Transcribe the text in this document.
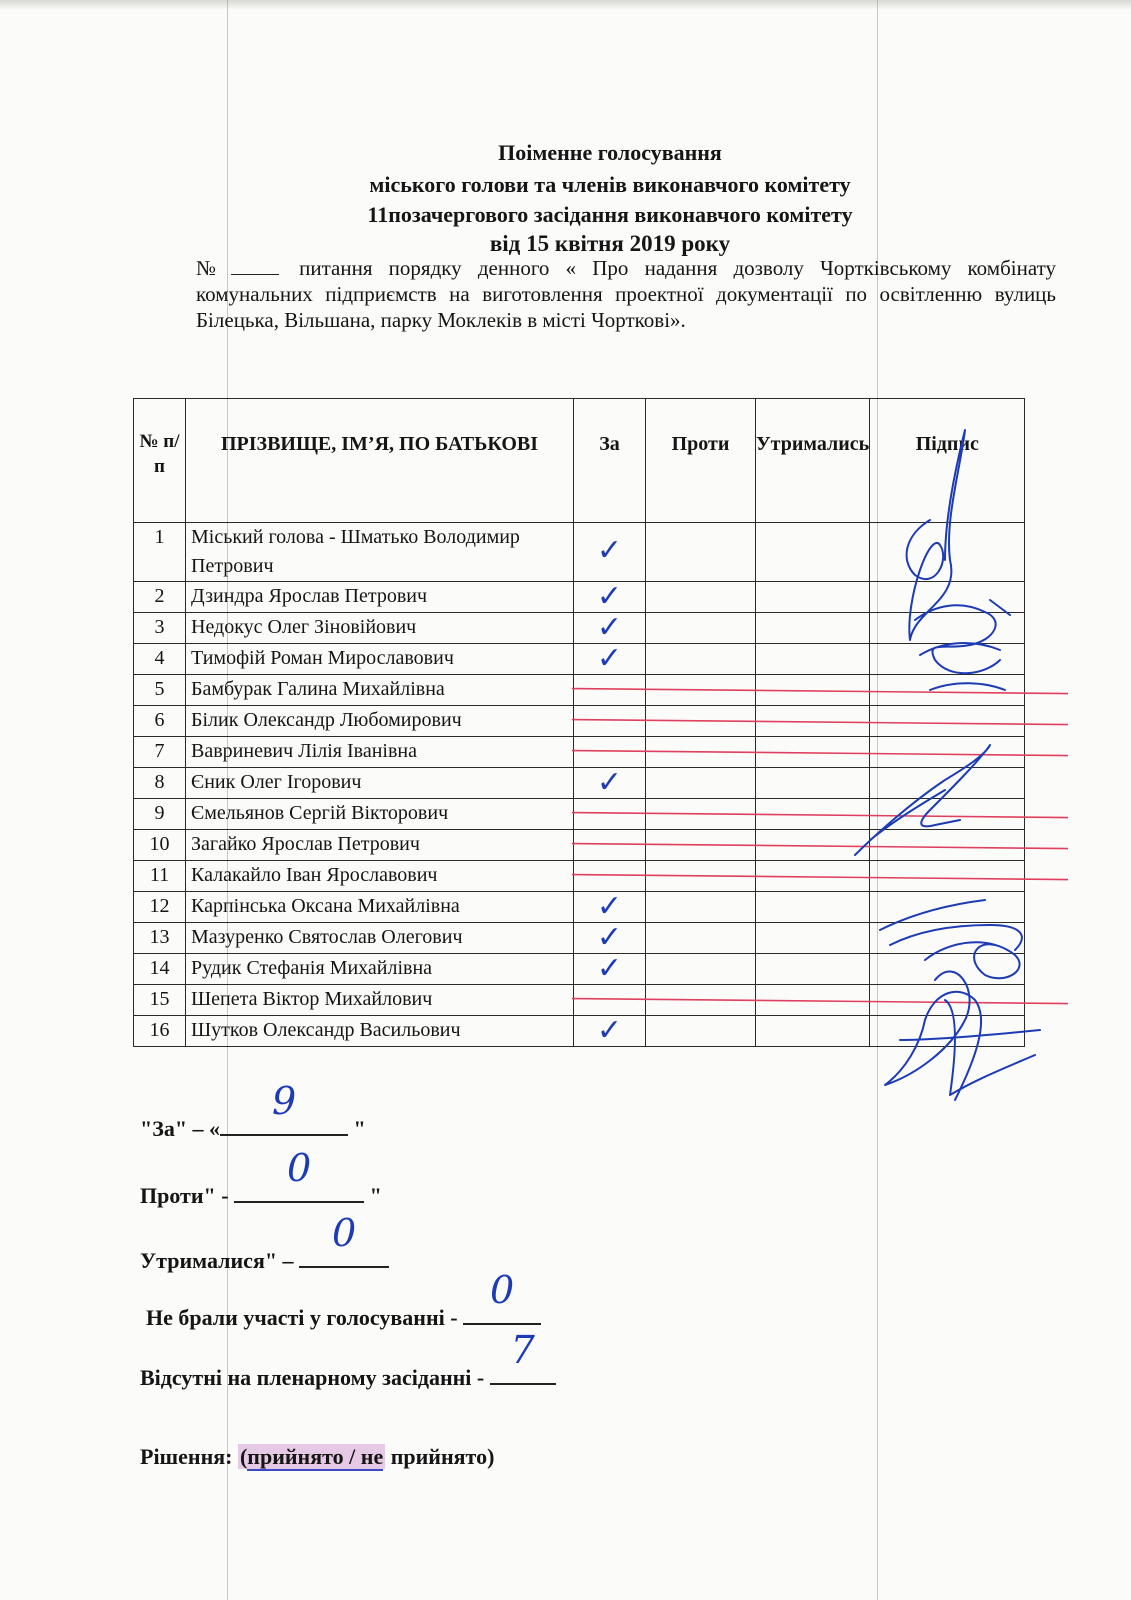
Поіменне голосування
міського голови та членів виконавчого комітету
11позачергового засідання виконавчого комітету
від 15 квітня 2019 року
№	питання порядку денного « Про надання дозволу Чортківському комбінату комунальних підприємств на виготовлення проектної документації по освітленню вулиць Білецька, Вільшана, парку Моклеків в місті Чорткові».
№ п/п	ПРІЗВИЩЕ, ІМ’Я, ПО БАТЬКОВІ	За	Проти	Утримались	Підпис
1	Міський голова - Шматько Володимир Петрович	✓			
2	Дзиндра Ярослав Петрович	✓			
3	Недокус Олег Зіновійович	✓			
4	Тимофій Роман Мирославович	✓			
5	Бамбурак Галина Михайлівна				
6	Білик Олександр Любомирович				
7	Вавриневич Лілія Іванівна				
8	Єник Олег Ігорович	✓			
9	Ємельянов Сергій Вікторович				
10	Загайко Ярослав Петрович				
11	Калакайло Іван Ярославович				
12	Карпінська Оксана Михайлівна	✓			
13	Мазуренко Святослав Олегович	✓			
14	Рудик Стефанія Михайлівна	✓			
15	Шепета Віктор Михайлович				
16	Шутков Олександр Васильович	✓			
"За" – «
9
"
Проти" -
0
"
Утрималися" –
0
Не брали участі у голосуванні -
0
Відсутні на пленарному засіданні -
7
Рішення: (прийнято / не прийнято)
